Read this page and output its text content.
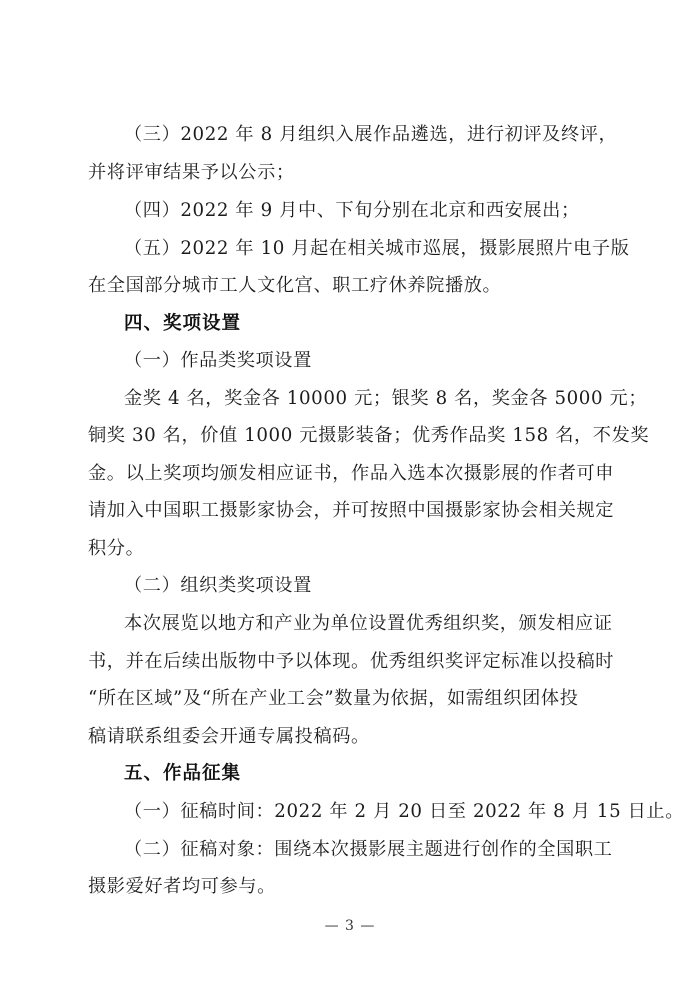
（三）2022 年 8 月组织入展作品遴选，进行初评及终评，
并将评审结果予以公示；
（四）2022 年 9 月中、下旬分别在北京和西安展出；
（五）2022 年 10 月起在相关城市巡展，摄影展照片电子版
在全国部分城市工人文化宫、职工疗休养院播放。
四、奖项设置
（一）作品类奖项设置
金奖 4 名，奖金各 10000 元；银奖 8 名，奖金各 5000 元；
铜奖 30 名，价值 1000 元摄影装备；优秀作品奖 158 名，不发奖
金。以上奖项均颁发相应证书，作品入选本次摄影展的作者可申
请加入中国职工摄影家协会，并可按照中国摄影家协会相关规定
积分。
（二）组织类奖项设置
本次展览以地方和产业为单位设置优秀组织奖，颁发相应证
书，并在后续出版物中予以体现。优秀组织奖评定标准以投稿时
“所在区域”及“所在产业工会”数量为依据，如需组织团体投
稿请联系组委会开通专属投稿码。
五、作品征集
（一）征稿时间：2022 年 2 月 20 日至 2022 年 8 月 15 日止。
（二）征稿对象：围绕本次摄影展主题进行创作的全国职工
摄影爱好者均可参与。
— 3 —
